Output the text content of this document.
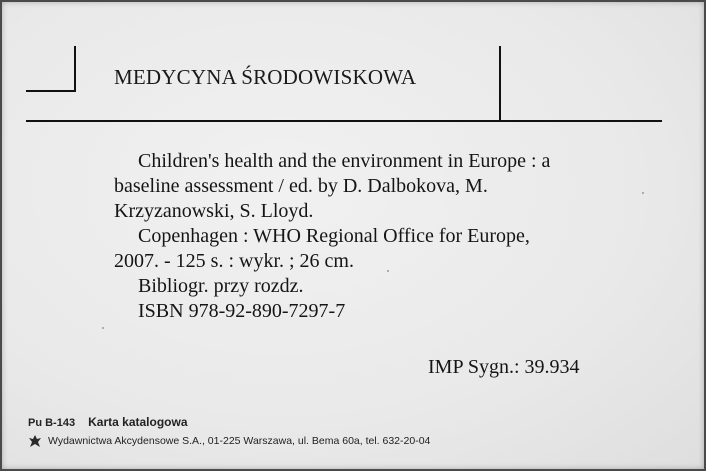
MEDYCYNA ŚRODOWISKOWA
Children's health and the environment in Europe : a
baseline assessment / ed. by D. Dalbokova, M.
Krzyzanowski, S. Lloyd.
Copenhagen : WHO Regional Office for Europe,
2007. - 125 s. : wykr. ; 26 cm.
Bibliogr. przy rozdz.
ISBN 978-92-890-7297-7
IMP Sygn.: 39.934
Pu B-143 Karta katalogowa
Wydawnictwa Akcydensowe S.A., 01-225 Warszawa, ul. Bema 60a, tel. 632-20-04
